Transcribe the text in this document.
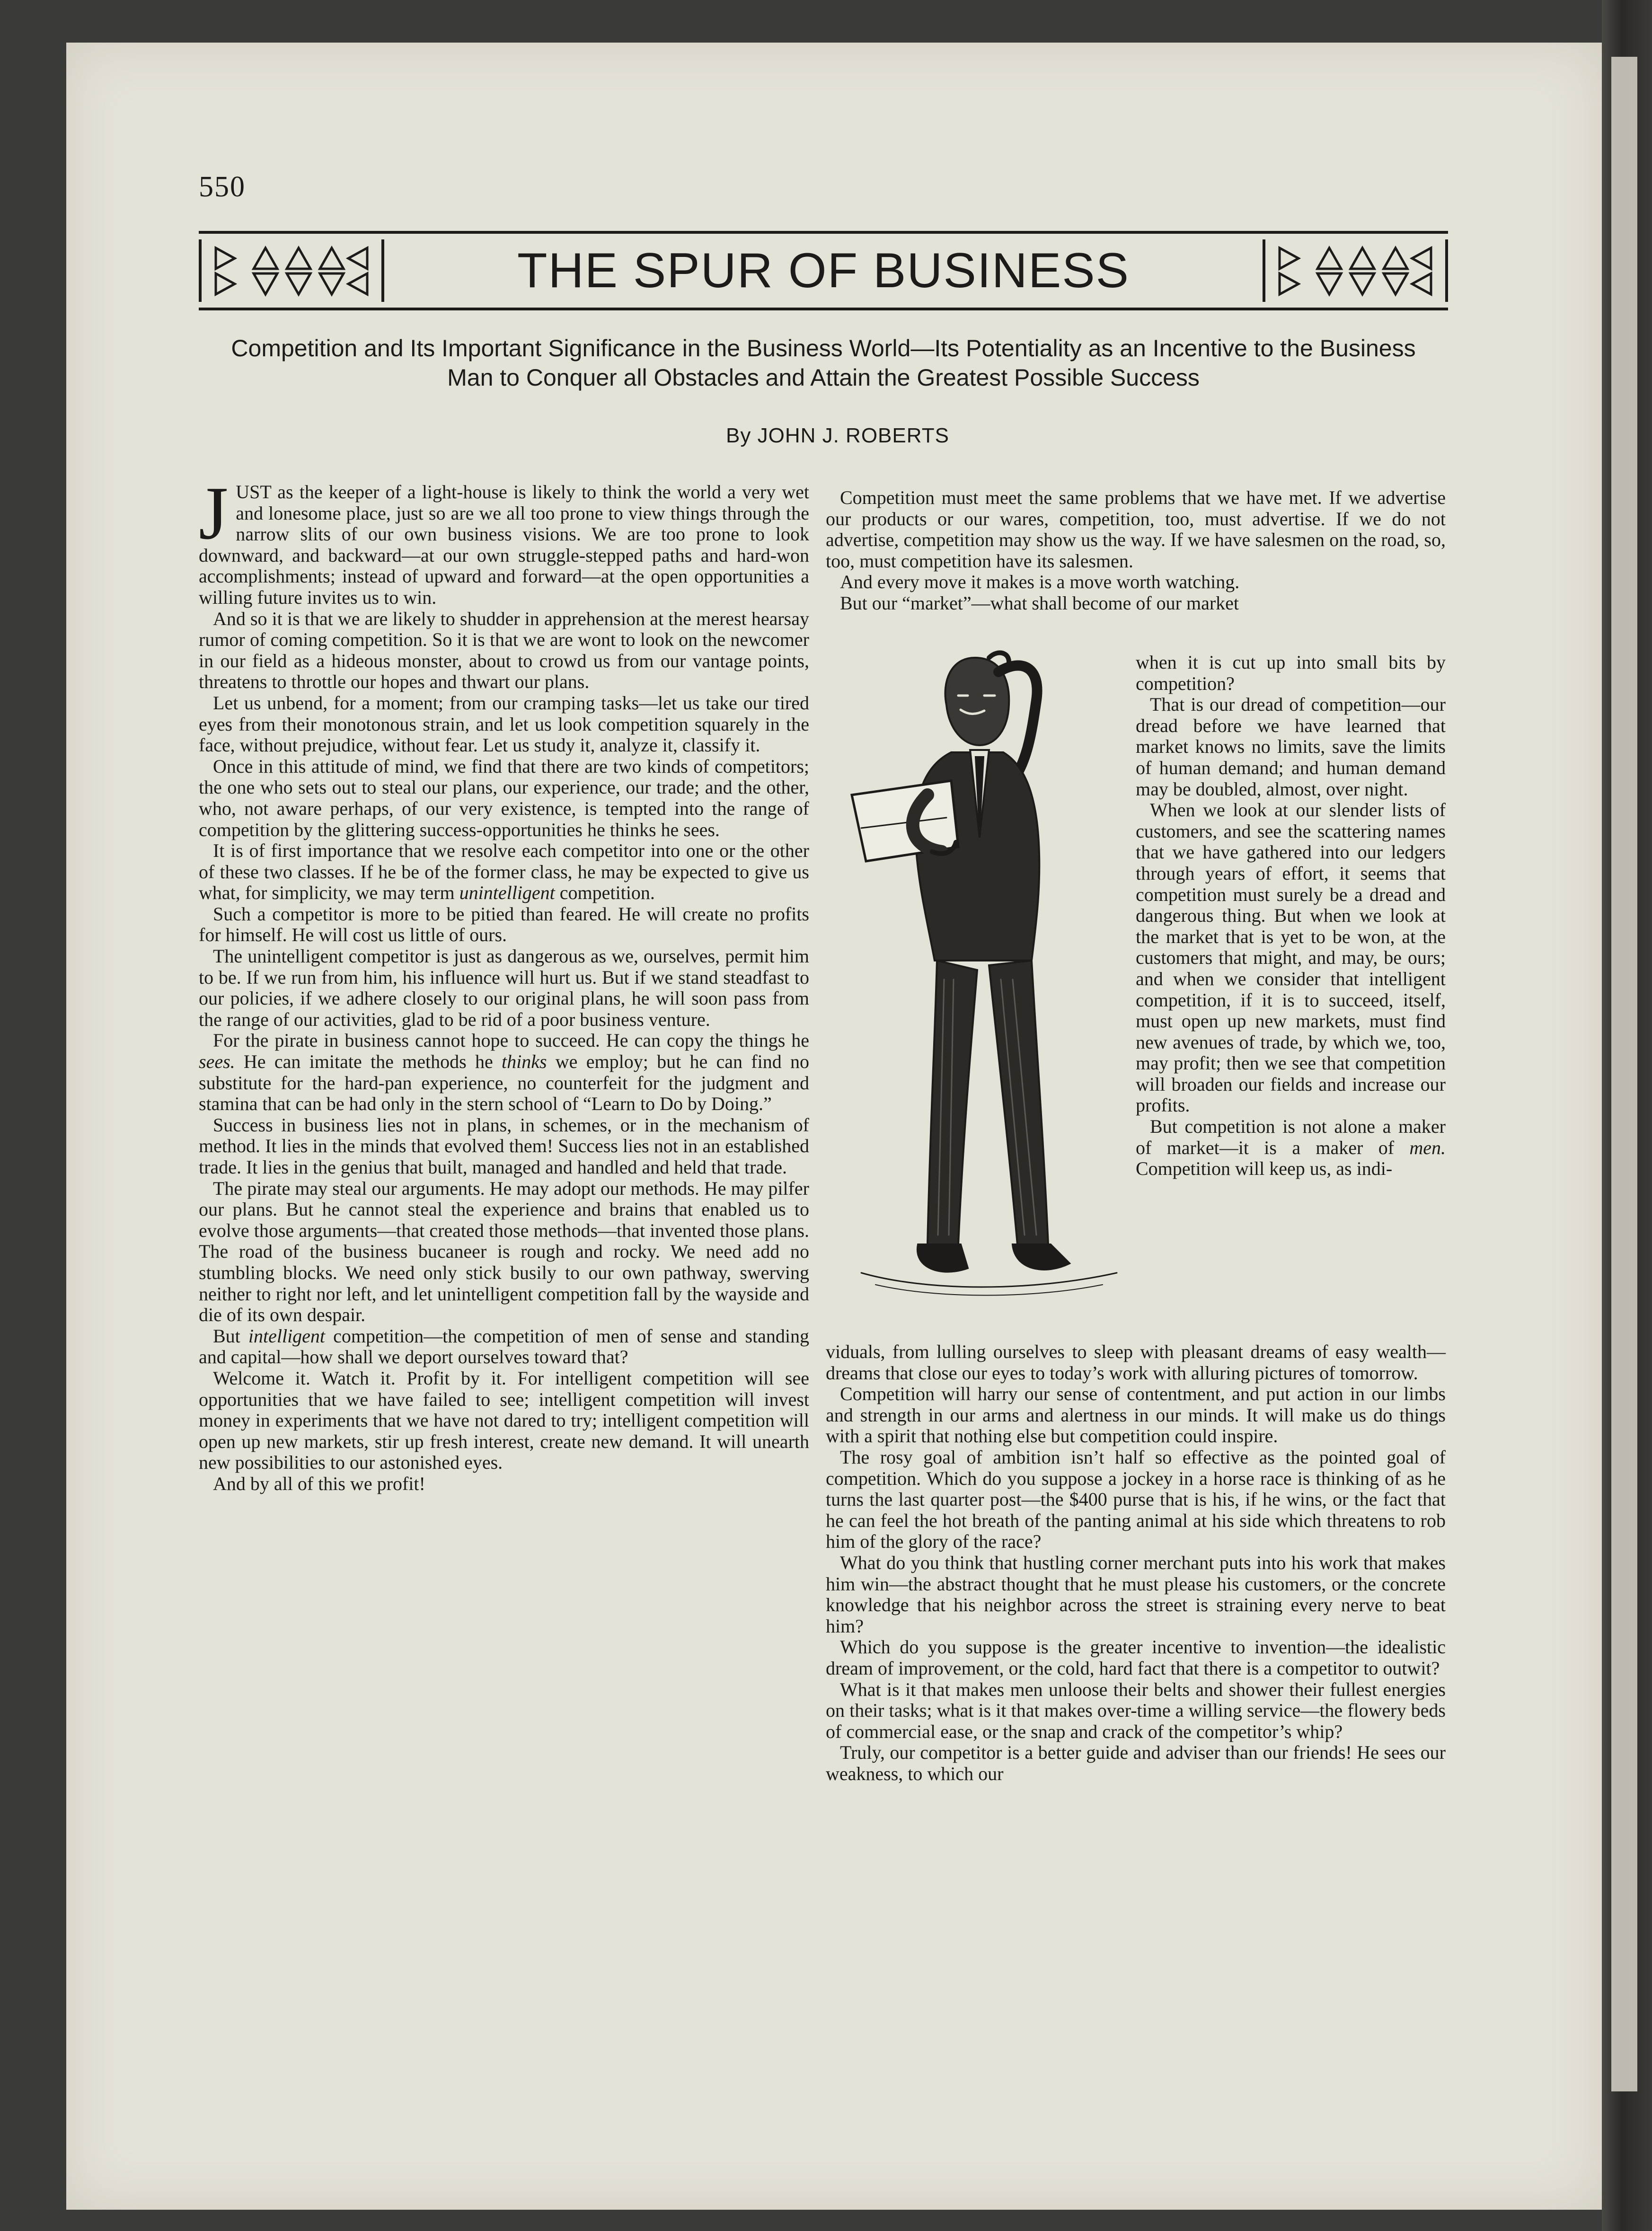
550
THE SPUR OF BUSINESS
Competition and Its Important Significance in the Business World—Its Potentiality as an Incentive to the Business Man to Conquer all Obstacles and Attain the Greatest Possible Success
By JOHN J. ROBERTS

JUST as the keeper of a light-house is likely to think the world a very wet and lonesome place, just so are we all too prone to view things through the narrow slits of our own business visions. We are too prone to look downward, and backward—at our own struggle-stepped paths and hard-won accomplishments; instead of upward and forward—at the open opportunities a willing future invites us to win.

And so it is that we are likely to shudder in apprehension at the merest hearsay rumor of coming competition. So it is that we are wont to look on the newcomer in our field as a hideous monster, about to crowd us from our vantage points, threatens to throttle our hopes and thwart our plans.

Let us unbend, for a moment; from our cramping tasks—let us take our tired eyes from their monotonous strain, and let us look competition squarely in the face, without prejudice, without fear. Let us study it, analyze it, classify it.

Once in this attitude of mind, we find that there are two kinds of competitors; the one who sets out to steal our plans, our experience, our trade; and the other, who, not aware perhaps, of our very existence, is tempted into the range of competition by the glittering success-opportunities he thinks he sees.

It is of first importance that we resolve each competitor into one or the other of these two classes. If he be of the former class, he may be expected to give us what, for simplicity, we may term unintelligent competition.

Such a competitor is more to be pitied than feared. He will create no profits for himself. He will cost us little of ours.

The unintelligent competitor is just as dangerous as we, ourselves, permit him to be. If we run from him, his influence will hurt us. But if we stand steadfast to our policies, if we adhere closely to our original plans, he will soon pass from the range of our activities, glad to be rid of a poor business venture.

For the pirate in business cannot hope to succeed. He can copy the things he sees. He can imitate the methods he thinks we employ; but he can find no substitute for the hard-pan experience, no counterfeit for the judgment and stamina that can be had only in the stern school of “Learn to Do by Doing.”

Success in business lies not in plans, in schemes, or in the mechanism of method. It lies in the minds that evolved them! Success lies not in an established trade. It lies in the genius that built, managed and handled and held that trade.

The pirate may steal our arguments. He may adopt our methods. He may pilfer our plans. But he cannot steal the experience and brains that enabled us to evolve those arguments—that created those methods—that invented those plans. The road of the business bucaneer is rough and rocky. We need add no stumbling blocks. We need only stick busily to our own pathway, swerving neither to right nor left, and let unintelligent competition fall by the wayside and die of its own despair.

But intelligent competition—the competition of men of sense and standing and capital—how shall we deport ourselves toward that?

Welcome it. Watch it. Profit by it. For intelligent competition will see opportunities that we have failed to see; intelligent competition will invest money in experiments that we have not dared to try; intelligent competition will open up new markets, stir up fresh interest, create new demand. It will unearth new possibilities to our astonished eyes.

And by all of this we profit!

Competition must meet the same problems that we have met. If we advertise our products or our wares, competition, too, must advertise. If we do not advertise, competition may show us the way. If we have salesmen on the road, so, too, must competition have its salesmen.

And every move it makes is a move worth watching.

But our “market”—what shall become of our market

when it is cut up into small bits by competition?

That is our dread of competition—our dread before we have learned that market knows no limits, save the limits of human demand; and human demand may be doubled, almost, over night.

When we look at our slender lists of customers, and see the scattering names that we have gathered into our ledgers through years of effort, it seems that competition must surely be a dread and dangerous thing. But when we look at the market that is yet to be won, at the customers that might, and may, be ours; and when we consider that intelligent competition, if it is to succeed, itself, must open up new markets, must find new avenues of trade, by which we, too, may profit; then we see that competition will broaden our fields and increase our profits.

But competition is not alone a maker of market—it is a maker of men. Competition will keep us, as indi-

viduals, from lulling ourselves to sleep with pleasant dreams of easy wealth—dreams that close our eyes to today’s work with alluring pictures of tomorrow.

Competition will harry our sense of contentment, and put action in our limbs and strength in our arms and alertness in our minds. It will make us do things with a spirit that nothing else but competition could inspire.

The rosy goal of ambition isn’t half so effective as the pointed goal of competition. Which do you suppose a jockey in a horse race is thinking of as he turns the last quarter post—the $400 purse that is his, if he wins, or the fact that he can feel the hot breath of the panting animal at his side which threatens to rob him of the glory of the race?

What do you think that hustling corner merchant puts into his work that makes him win—the abstract thought that he must please his customers, or the concrete knowledge that his neighbor across the street is straining every nerve to beat him?

Which do you suppose is the greater incentive to invention—the idealistic dream of improvement, or the cold, hard fact that there is a competitor to outwit?

What is it that makes men unloose their belts and shower their fullest energies on their tasks; what is it that makes over-time a willing service—the flowery beds of commercial ease, or the snap and crack of the competitor’s whip?

Truly, our competitor is a better guide and adviser than our friends! He sees our weakness, to which our
